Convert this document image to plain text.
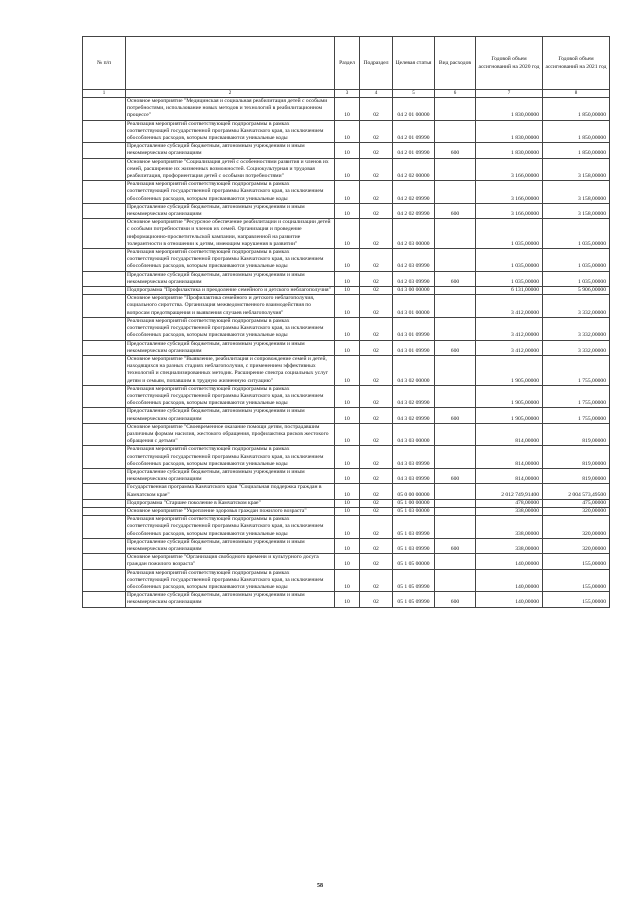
№ п/п		Раздел	Подраздел	Целевая статья	Вид расходов	Годовой объем ассигнований на 2020 год	Годовой объем ассигнований на 2021 год
1	2	3	4	5	6	7	8
	Основное мероприятие "Медицинская и социальная реабилитация детей с особыми потребностями, использование новых методов и технологий в реабилитационном процессе"	10	02	04 2 01 00000		1 830,00000	1 850,00000
	Реализация мероприятий соответствующей подпрограммы в рамках соответствующей государственной программы Камчатского края, за исключением обособленных расходов, которым присваиваются уникальные коды	10	02	04 2 01 09990		1 830,00000	1 850,00000
	Предоставление субсидий бюджетным, автономным учреждениям и иным некоммерческим организациям	10	02	04 2 01 09990	600	1 830,00000	1 850,00000
	Основное мероприятие "Социализация детей с особенностями развития и членов их семей, расширение их жизненных возможностей. Социокультурная и трудовая реабилитация, профориентация детей с особыми потребностями"	10	02	04 2 02 00000		3 166,00000	3 158,00000
	Реализация мероприятий соответствующей подпрограммы в рамках соответствующей государственной программы Камчатского края, за исключением обособленных расходов, которым присваиваются уникальные коды	10	02	04 2 02 09990		3 166,00000	3 158,00000
	Предоставление субсидий бюджетным, автономным учреждениям и иным некоммерческим организациям	10	02	04 2 02 09990	600	3 166,00000	3 158,00000
	Основное мероприятие "Ресурсное обеспечение реабилитации и социализации детей с особыми потребностями и членов их семей. Организация и проведение информационно-просветительской кампании, направленной на развитие толерантности в отношении к детям, имеющим нарушения в развитии"	10	02	04 2 03 00000		1 035,00000	1 035,00000
	Реализация мероприятий соответствующей подпрограммы в рамках соответствующей государственной программы Камчатского края, за исключением обособленных расходов, которым присваиваются уникальные коды	10	02	04 2 03 09990		1 035,00000	1 035,00000
	Предоставление субсидий бюджетным, автономным учреждениям и иным некоммерческим организациям	10	02	04 2 03 09990	600	1 035,00000	1 035,00000
	Подпрограмма "Профилактика и преодоление семейного и детского неблагополучия"	10	02	04 3 00 00000		6 131,00000	5 906,00000
	Основное мероприятие "Профилактика семейного и детского неблагополучия, социального сиротства. Организация межведомственного взаимодействия по вопросам предотвращения и выявления случаев неблагополучия"	10	02	04 3 01 00000		3 412,00000	3 332,00000
	Реализация мероприятий соответствующей подпрограммы в рамках соответствующей государственной программы Камчатского края, за исключением обособленных расходов, которым присваиваются уникальные коды	10	02	04 3 01 09990		3 412,00000	3 332,00000
	Предоставление субсидий бюджетным, автономным учреждениям и иным некоммерческим организациям	10	02	04 3 01 09990	600	3 412,00000	3 332,00000
	Основное мероприятие "Выявление, реабилитация и сопровождение семей и детей, находящихся на разных стадиях неблагополучия, с применением эффективных технологий и специализированных методик. Расширение спектра социальных услуг детям и семьям, попавшим в трудную жизненную ситуацию"	10	02	04 3 02 00000		1 905,00000	1 755,00000
	Реализация мероприятий соответствующей подпрограммы в рамках соответствующей государственной программы Камчатского края, за исключением обособленных расходов, которым присваиваются уникальные коды	10	02	04 3 02 09990		1 905,00000	1 755,00000
	Предоставление субсидий бюджетным, автономным учреждениям и иным некоммерческим организациям	10	02	04 3 02 09990	600	1 905,00000	1 755,00000
	Основное мероприятие "Своевременное оказание помощи детям, пострадавшим различным формам насилия, жестокого обращения, профилактика рисков жестокого обращения с детьми"	10	02	04 3 03 00000		814,00000	819,00000
	Реализация мероприятий соответствующей подпрограммы в рамках соответствующей государственной программы Камчатского края, за исключением обособленных расходов, которым присваиваются уникальные коды	10	02	04 3 03 09990		814,00000	819,00000
	Предоставление субсидий бюджетным, автономным учреждениям и иным некоммерческим организациям	10	02	04 3 03 09990	600	814,00000	819,00000
	Государственная программа Камчатского края "Социальная поддержка граждан в Камчатском крае"	10	02	05 0 00 00000		2 012 749,91400	2 004 573,49500
	Подпрограмма "Старшее поколение в Камчатском крае"	10	02	05 1 00 00000		478,00000	475,00000
	Основное мероприятие "Укрепление здоровья граждан пожилого возраста"	10	02	05 1 03 00000		338,00000	320,00000
	Реализация мероприятий соответствующей подпрограммы в рамках соответствующей государственной программы Камчатского края, за исключением обособленных расходов, которым присваиваются уникальные коды	10	02	05 1 03 09990		338,00000	320,00000
	Предоставление субсидий бюджетным, автономным учреждениям и иным некоммерческим организациям	10	02	05 1 03 09990	600	338,00000	320,00000
	Основное мероприятие "Организация свободного времени и культурного досуга граждан пожилого возраста"	10	02	05 1 05 00000		140,00000	155,00000
	Реализация мероприятий соответствующей подпрограммы в рамках соответствующей государственной программы Камчатского края, за исключением обособленных расходов, которым присваиваются уникальные коды	10	02	05 1 05 09990		140,00000	155,00000
	Предоставление субсидий бюджетным, автономным учреждениям и иным некоммерческим организациям	10	02	05 1 05 09990	600	140,00000	155,00000
58
